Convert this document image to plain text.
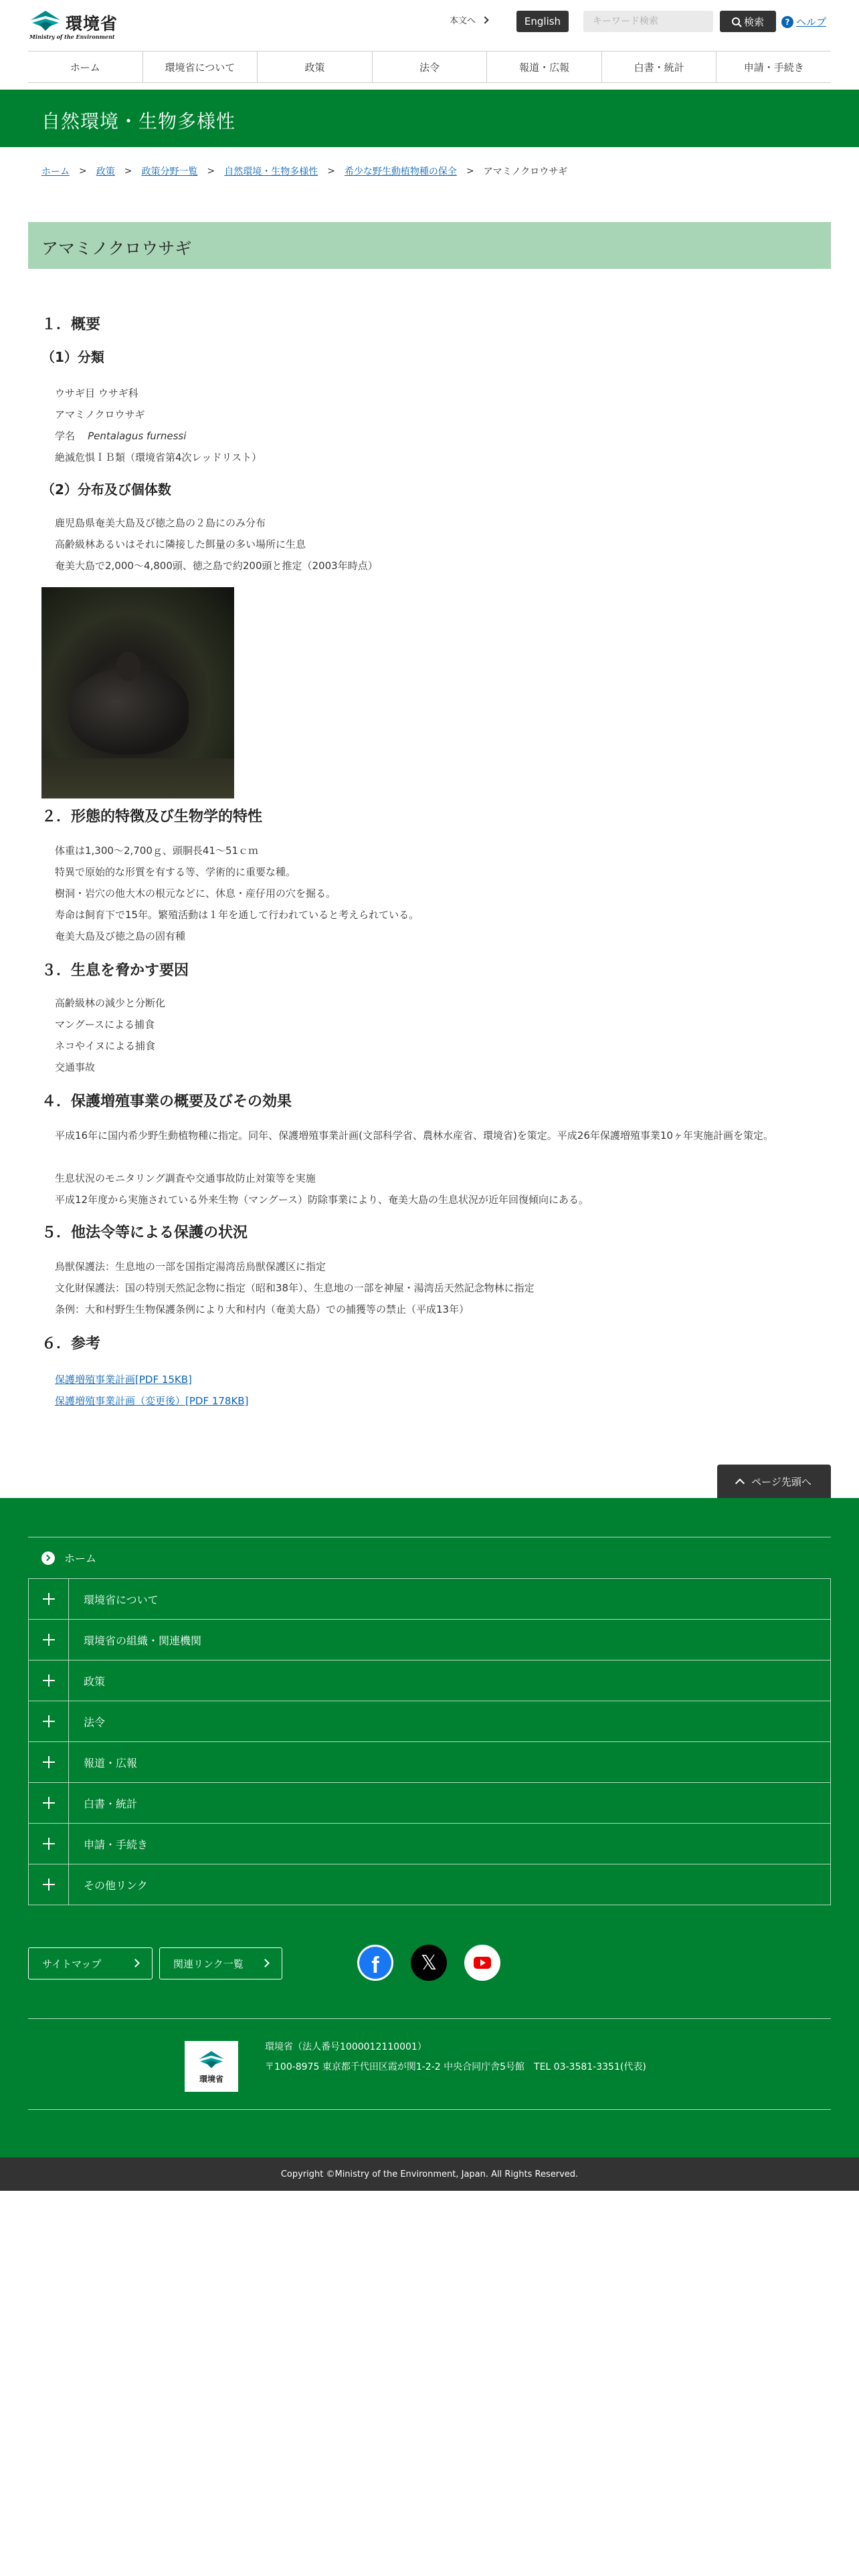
環境省
Ministry of the Environment
本文へ	English
キーワード検索	検索	? ヘルプ
ホーム	環境省について	政策	法令	報道・広報	白書・統計	申請・手続き
自然環境・生物多様性
ホーム > 政策 > 政策分野一覧 > 自然環境・生物多様性 > 希少な野生動植物種の保全 > アマミノクロウサギ
アマミノクロウサギ
１．概要
（1）分類
ウサギ目 ウサギ科
アマミノクロウサギ
学名 Pentalagus furnessi
絶滅危惧ＩＢ類（環境省第4次レッドリスト）
（2）分布及び個体数
鹿児島県奄美大島及び徳之島の２島にのみ分布
高齢級林あるいはそれに隣接した餌量の多い場所に生息
奄美大島で2,000～4,800頭、徳之島で約200頭と推定（2003年時点）
２．形態的特徴及び生物学的特性
体重は1,300～2,700ｇ、頭胴長41～51ｃｍ
特異で原始的な形質を有する等、学術的に重要な種。
樹洞・岩穴の他大木の根元などに、休息・産仔用の穴を掘る。
寿命は飼育下で15年。繁殖活動は１年を通して行われていると考えられている。
奄美大島及び徳之島の固有種
３．生息を脅かす要因
高齢級林の減少と分断化
マングースによる捕食
ネコやイヌによる捕食
交通事故
４．保護増殖事業の概要及びその効果
平成16年に国内希少野生動植物種に指定。同年、保護増殖事業計画(文部科学省、農林水産省、環境省)を策定。平成26年保護増殖事業10ヶ年実施計画を策定。
生息状況のモニタリング調査や交通事故防止対策等を実施
平成12年度から実施されている外来生物（マングース）防除事業により、奄美大島の生息状況が近年回復傾向にある。
５．他法令等による保護の状況
鳥獣保護法：生息地の一部を国指定湯湾岳鳥獣保護区に指定
文化財保護法：国の特別天然記念物に指定（昭和38年）、生息地の一部を神屋・湯湾岳天然記念物林に指定
条例：大和村野生生物保護条例により大和村内（奄美大島）での捕獲等の禁止（平成13年）
６．参考
保護増殖事業計画[PDF 15KB]
保護増殖事業計画（変更後）[PDF 178KB]
ページ先頭へ
ホーム
環境省について
環境省の組織・関連機関
政策
法令
報道・広報
白書・統計
申請・手続き
その他リンク
サイトマップ	関連リンク一覧	f	𝕏
環境省
環境省（法人番号1000012110001）
〒100-8975 東京都千代田区霞が関1-2-2 中央合同庁舎5号館　TEL 03-3581-3351(代表)
Copyright ©Ministry of the Environment, Japan. All Rights Reserved.
